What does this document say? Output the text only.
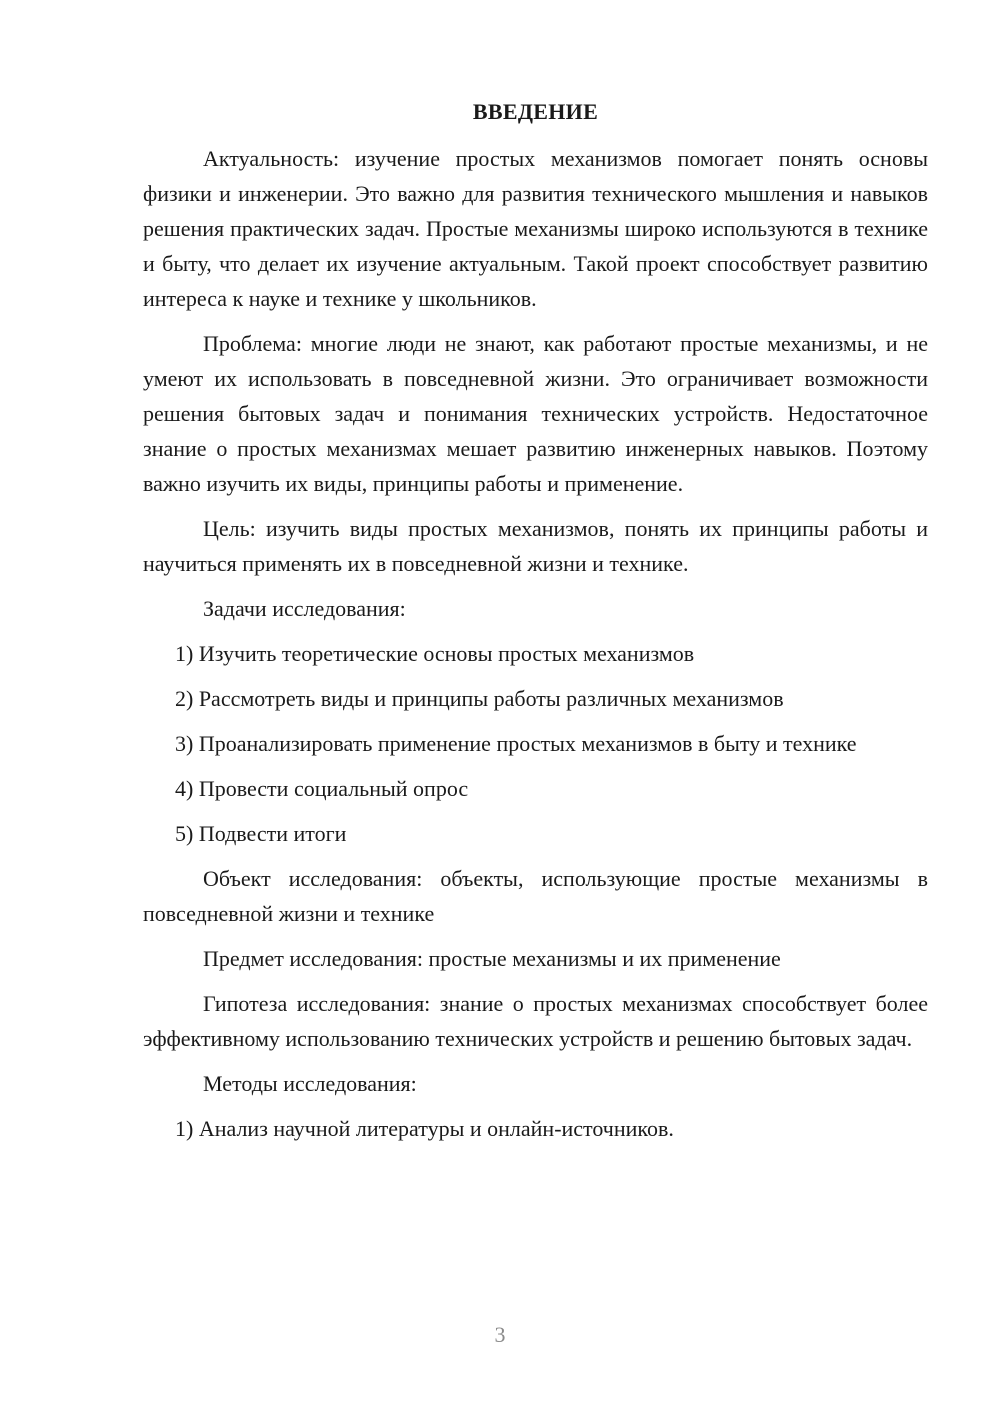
ВВЕДЕНИЕ

Актуальность: изучение простых механизмов помогает понять основы физики и инженерии. Это важно для развития технического мышления и навыков решения практических задач. Простые механизмы широко используются в технике и быту, что делает их изучение актуальным. Такой проект способствует развитию интереса к науке и технике у школьников.

Проблема: многие люди не знают, как работают простые механизмы, и не умеют их использовать в повседневной жизни. Это ограничивает возможности решения бытовых задач и понимания технических устройств. Недостаточное знание о простых механизмах мешает развитию инженерных навыков. Поэтому важно изучить их виды, принципы работы и применение.

Цель: изучить виды простых механизмов, понять их принципы работы и научиться применять их в повседневной жизни и технике.

Задачи исследования:

1) Изучить теоретические основы простых механизмов

2) Рассмотреть виды и принципы работы различных механизмов

3) Проанализировать применение простых механизмов в быту и технике

4) Провести социальный опрос

5) Подвести итоги

Объект исследования: объекты, использующие простые механизмы в повседневной жизни и технике

Предмет исследования: простые механизмы и их применение

Гипотеза исследования: знание о простых механизмах способствует более эффективному использованию технических устройств и решению бытовых задач.

Методы исследования:

1) Анализ научной литературы и онлайн-источников.

3
